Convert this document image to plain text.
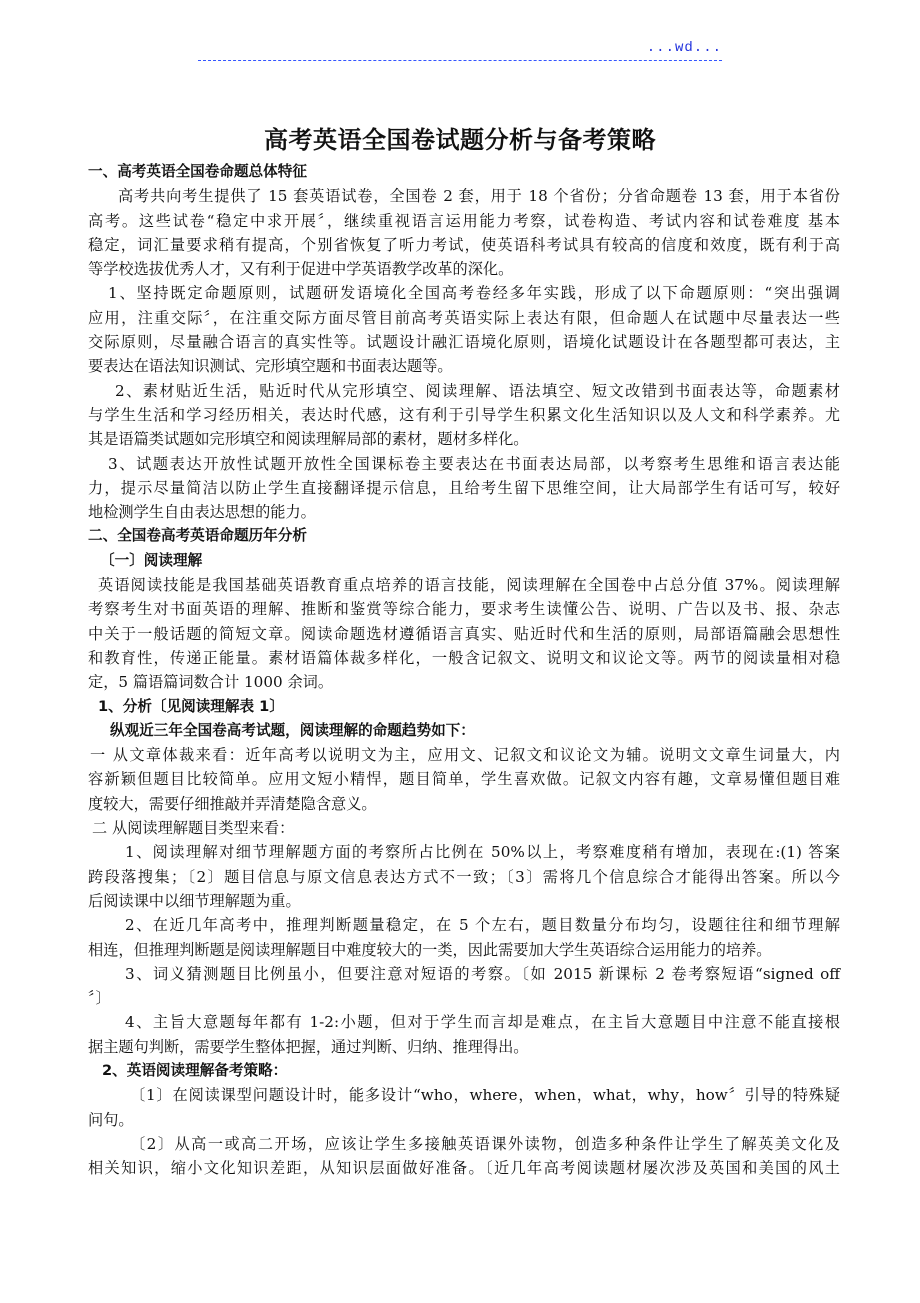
...wd...
高考英语全国卷试题分析与备考策略
一、高考英语全国卷命题总体特征
高考共向考生提供了 15 套英语试卷，全国卷 2 套，用于 18 个省份；分省命题卷 13 套，用于本省份
高考。这些试卷“稳定中求开展〞，继续重视语言运用能力考察，试卷构造、考试内容和试卷难度 基本
稳定，词汇量要求稍有提高，个别省恢复了听力考试，使英语科考试具有较高的信度和效度，既有利于高
等学校选拔优秀人才，又有利于促进中学英语教学改革的深化。
1、坚持既定命题原则，试题研发语境化全国高考卷经多年实践，形成了以下命题原则：“突出强调
应用，注重交际〞，在注重交际方面尽管目前高考英语实际上表达有限，但命题人在试题中尽量表达一些
交际原则，尽量融合语言的真实性等。试题设计融汇语境化原则，语境化试题设计在各题型都可表达，主
要表达在语法知识测试、完形填空题和书面表达题等。
2、素材贴近生活，贴近时代从完形填空、阅读理解、语法填空、短文改错到书面表达等，命题素材
与学生生活和学习经历相关，表达时代感，这有利于引导学生积累文化生活知识以及人文和科学素养。尤
其是语篇类试题如完形填空和阅读理解局部的素材，题材多样化。
3、试题表达开放性试题开放性全国课标卷主要表达在书面表达局部，以考察考生思维和语言表达能
力，提示尽量简洁以防止学生直接翻译提示信息，且给考生留下思维空间，让大局部学生有话可写，较好
地检测学生自由表达思想的能力。
二、全国卷高考英语命题历年分析
〔一〕阅读理解
英语阅读技能是我国基础英语教育重点培养的语言技能，阅读理解在全国卷中占总分值 37%。阅读理解
考察考生对书面英语的理解、推断和鉴赏等综合能力，要求考生读懂公告、说明、广告以及书、报、杂志
中关于一般话题的简短文章。阅读命题选材遵循语言真实、贴近时代和生活的原则，局部语篇融会思想性
和教育性，传递正能量。素材语篇体裁多样化，一般含记叙文、说明文和议论文等。两节的阅读量相对稳
定，5 篇语篇词数合计 1000 余词。
1、分析〔见阅读理解表 1〕
纵观近三年全国卷高考试题，阅读理解的命题趋势如下：
一 从文章体裁来看：近年高考以说明文为主，应用文、记叙文和议论文为辅。说明文文章生词量大，内
容新颖但题目比较简单。应用文短小精悍，题目简单，学生喜欢做。记叙文内容有趣，文章易懂但题目难
度较大，需要仔细推敲并弄清楚隐含意义。
二 从阅读理解题目类型来看：
1、阅读理解对细节理解题方面的考察所占比例在 50%以上，考察难度稍有增加，表现在:(1) 答案
跨段落搜集；〔2〕题目信息与原文信息表达方式不一致；〔3〕需将几个信息综合才能得出答案。所以今
后阅读课中以细节理解题为重。
2、在近几年高考中，推理判断题量稳定，在 5 个左右，题目数量分布均匀，设题往往和细节理解
相连，但推理判断题是阅读理解题目中难度较大的一类，因此需要加大学生英语综合运用能力的培养。
3、词义猜测题目比例虽小，但要注意对短语的考察。〔如 2015 新课标 2 卷考察短语“signed off
〞〕
4、主旨大意题每年都有 1-2:小题，但对于学生而言却是难点，在主旨大意题目中注意不能直接根
据主题句判断，需要学生整体把握，通过判断、归纳、推理得出。
2、英语阅读理解备考策略：
〔1〕在阅读课型问题设计时，能多设计“who，where，when，what，why，how〞引导的特殊疑
问句。
〔2〕从高一或高二开场，应该让学生多接触英语课外读物，创造多种条件让学生了解英美文化及
相关知识，缩小文化知识差距，从知识层面做好准备。〔近几年高考阅读题材屡次涉及英国和美国的风土
